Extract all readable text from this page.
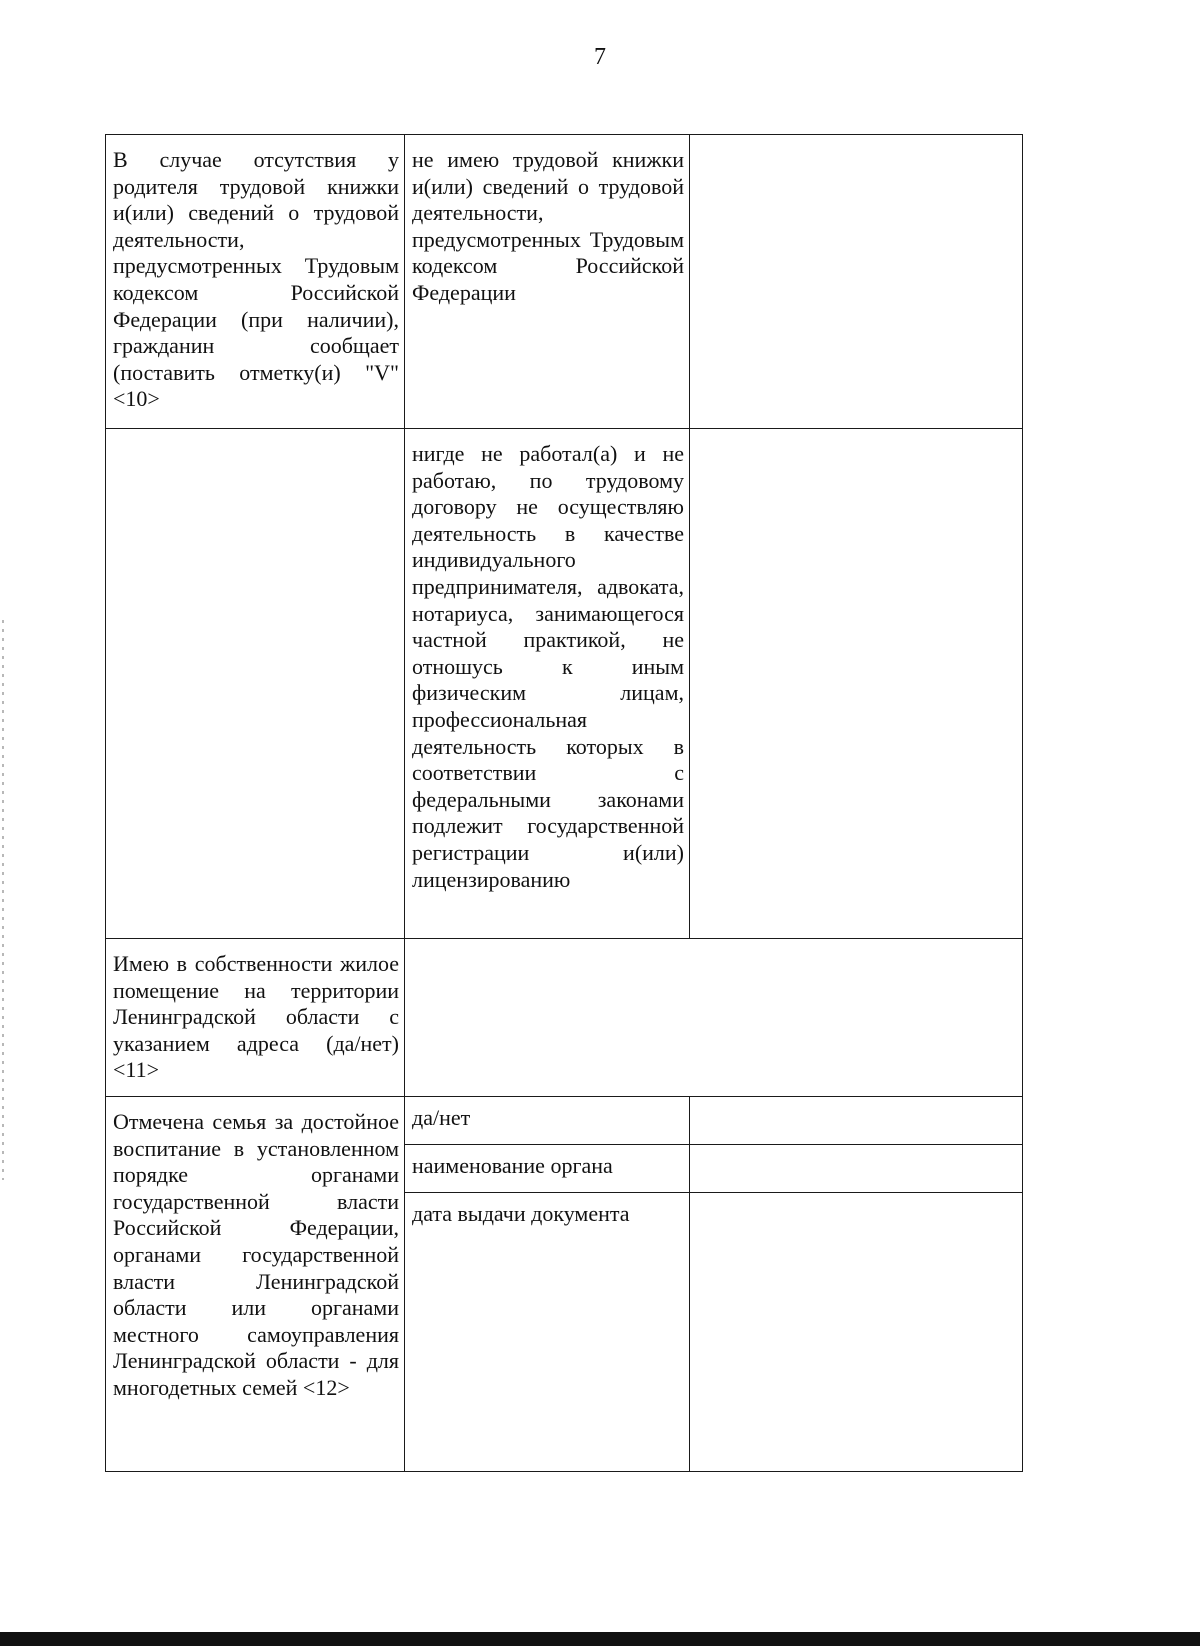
7
В случае отсутствия у родителя трудовой книжки и(или) сведений о трудовой деятельности, предусмотренных Трудовым кодексом Российской Федерации (при наличии), гражданин сообщает (поставить отметку(и) "V" <10>	не имею трудовой книжки и(или) сведений о трудовой деятельности, предусмотренных Трудовым кодексом Российской Федерации	
	нигде не работал(а) и не работаю, по трудовому договору не осуществляю деятельность в качестве индивидуального предпринимателя, адвоката, нотариуса, занимающегося частной практикой, не отношусь к иным физическим лицам, профессиональная деятельность которых в соответствии с федеральными законами подлежит государственной регистрации и(или) лицензированию	
Имею в собственности жилое помещение на территории Ленинградской области с указанием адреса (да/нет) <11>		
Отмечена семья за достойное воспитание в установленном порядке органами государственной власти Российской Федерации, органами государственной власти Ленинградской области или органами местного самоуправления Ленинградской области - для многодетных семей <12>	да/нет	
	наименование органа	
	дата выдачи документа	
